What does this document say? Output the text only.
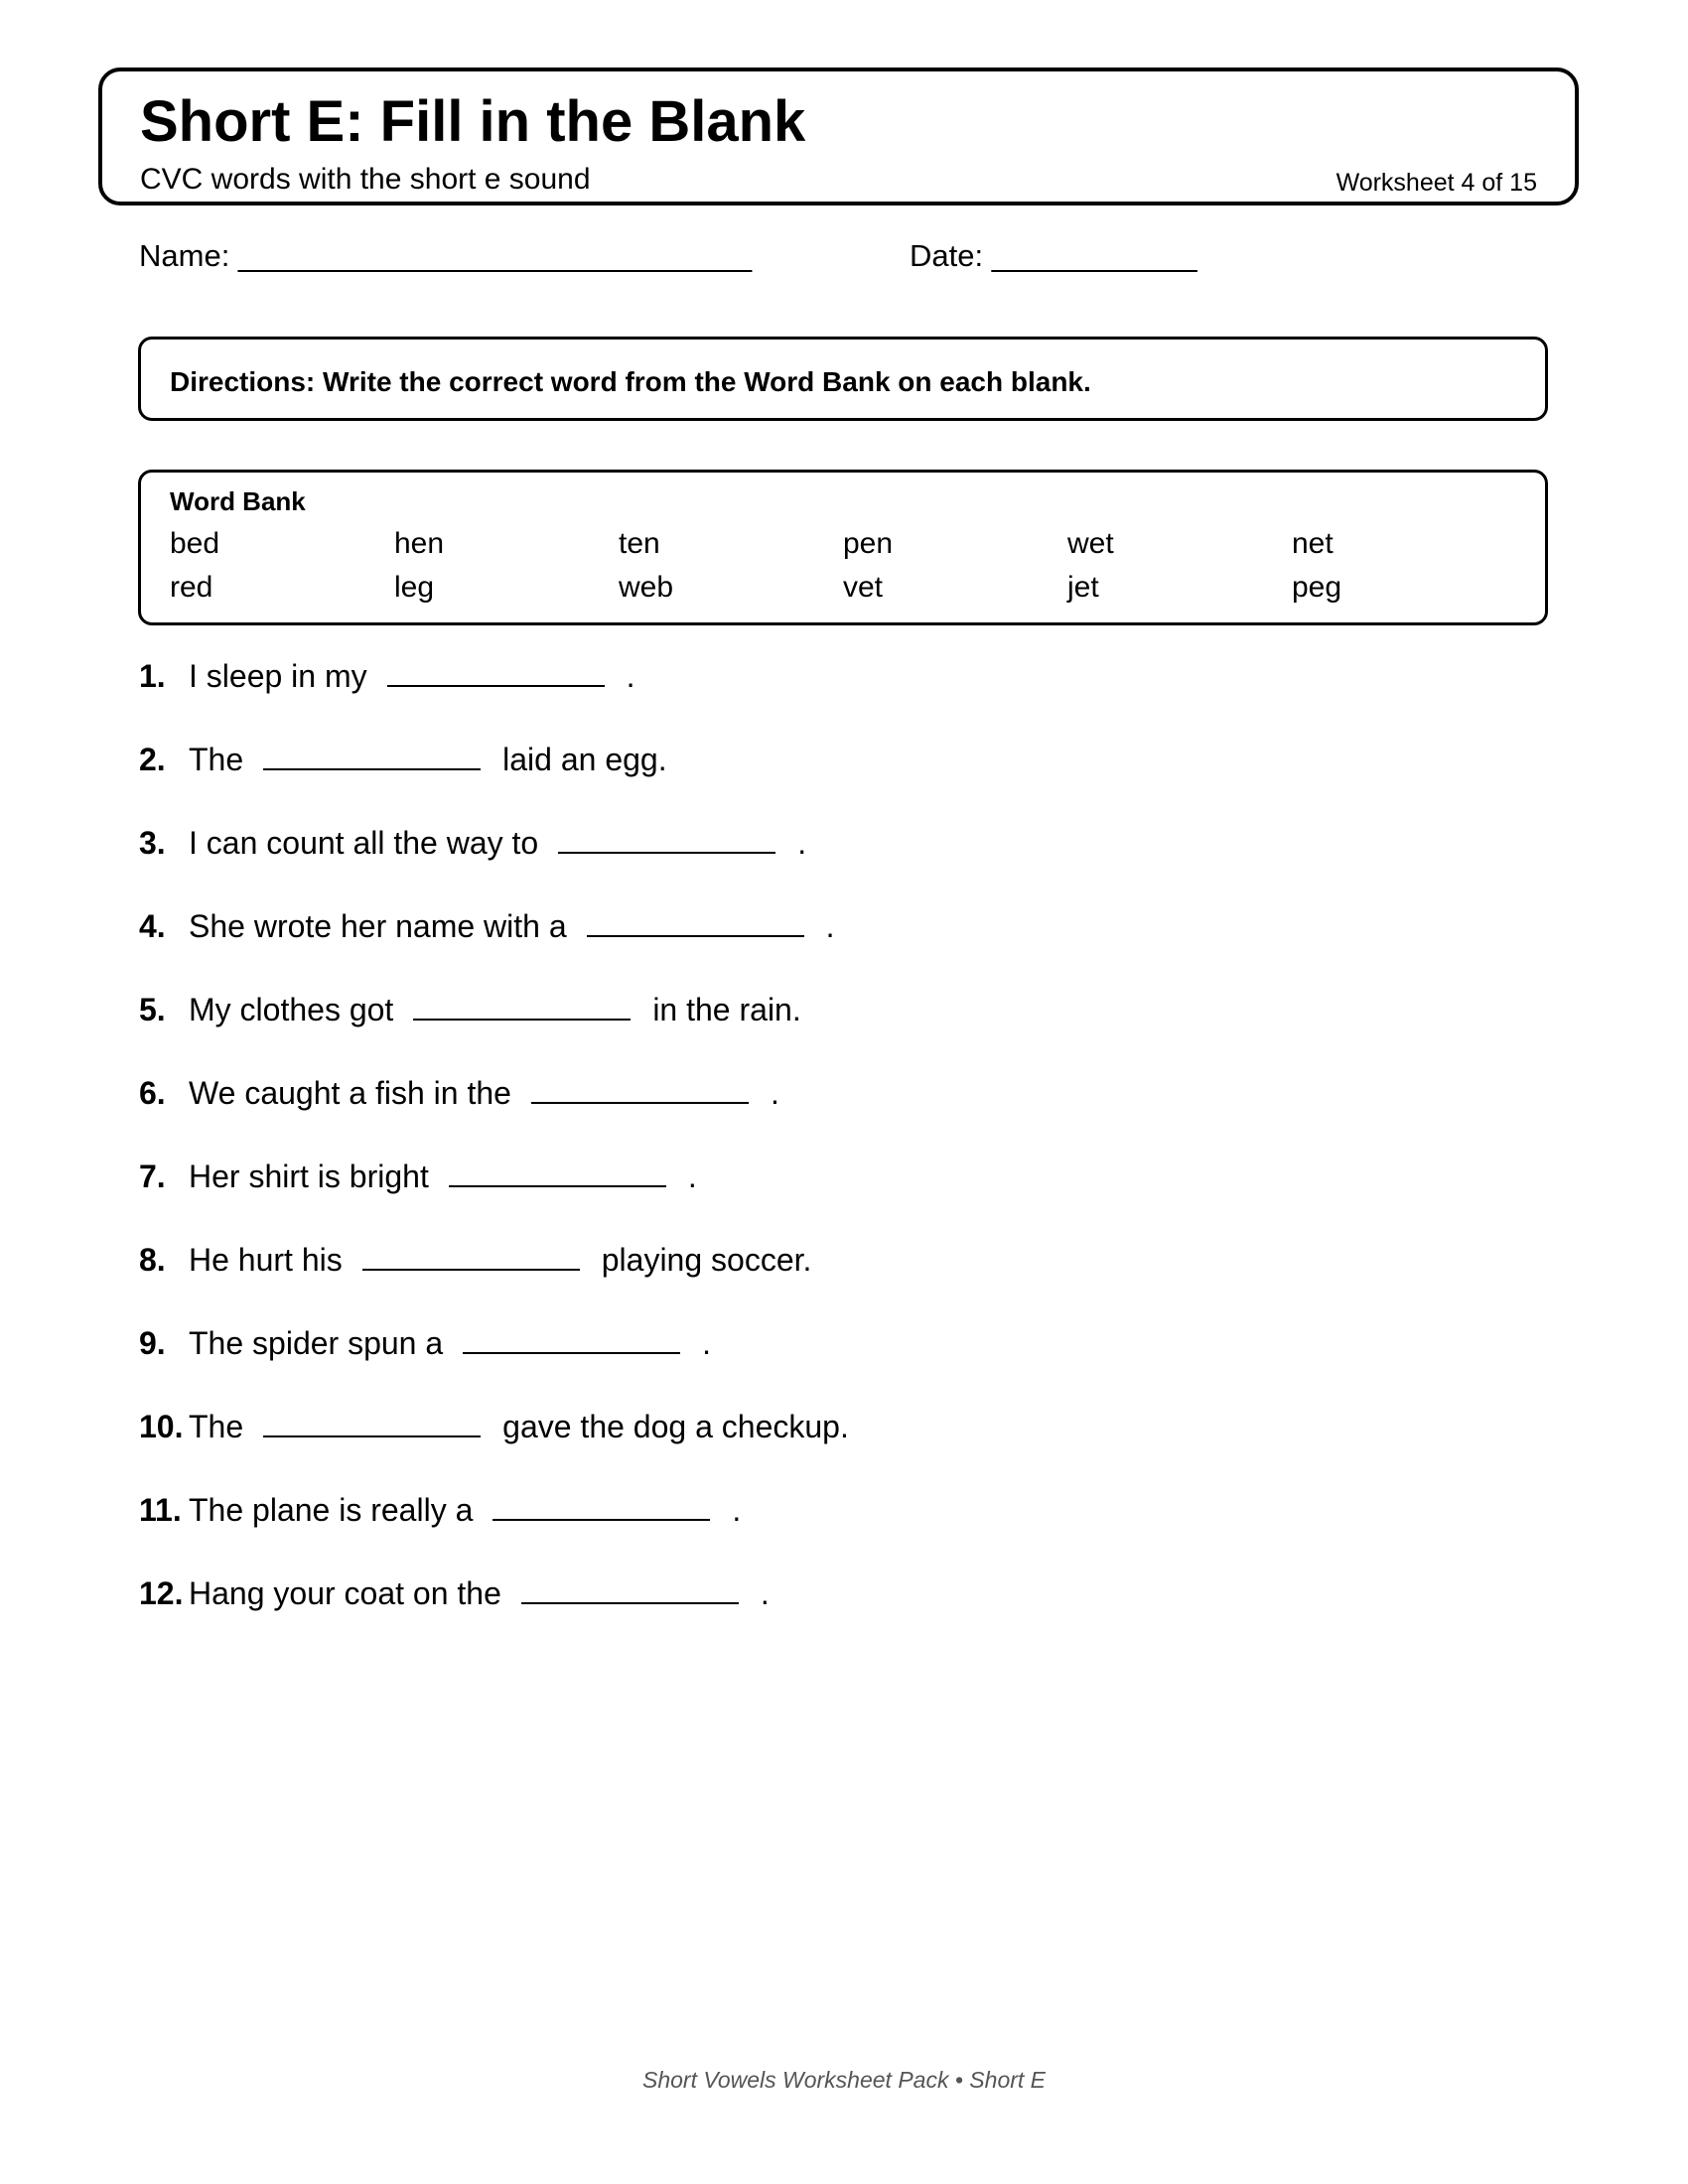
Short E: Fill in the Blank
CVC words with the short e sound	Worksheet 4 of 15
Name: ______________________________	Date: ____________
Directions: Write the correct word from the Word Bank on each blank.
Word Bank
bed	hen	ten	pen	wet	net
red	leg	web	vet	jet	peg
1. I sleep in my	.
2. The	laid an egg.
3. I can count all the way to	.
4. She wrote her name with a	.
5. My clothes got	in the rain.
6. We caught a fish in the	.
7. Her shirt is bright	.
8. He hurt his	playing soccer.
9. The spider spun a	.
10. The	gave the dog a checkup.
11. The plane is really a	.
12. Hang your coat on the	.
Short Vowels Worksheet Pack • Short E
